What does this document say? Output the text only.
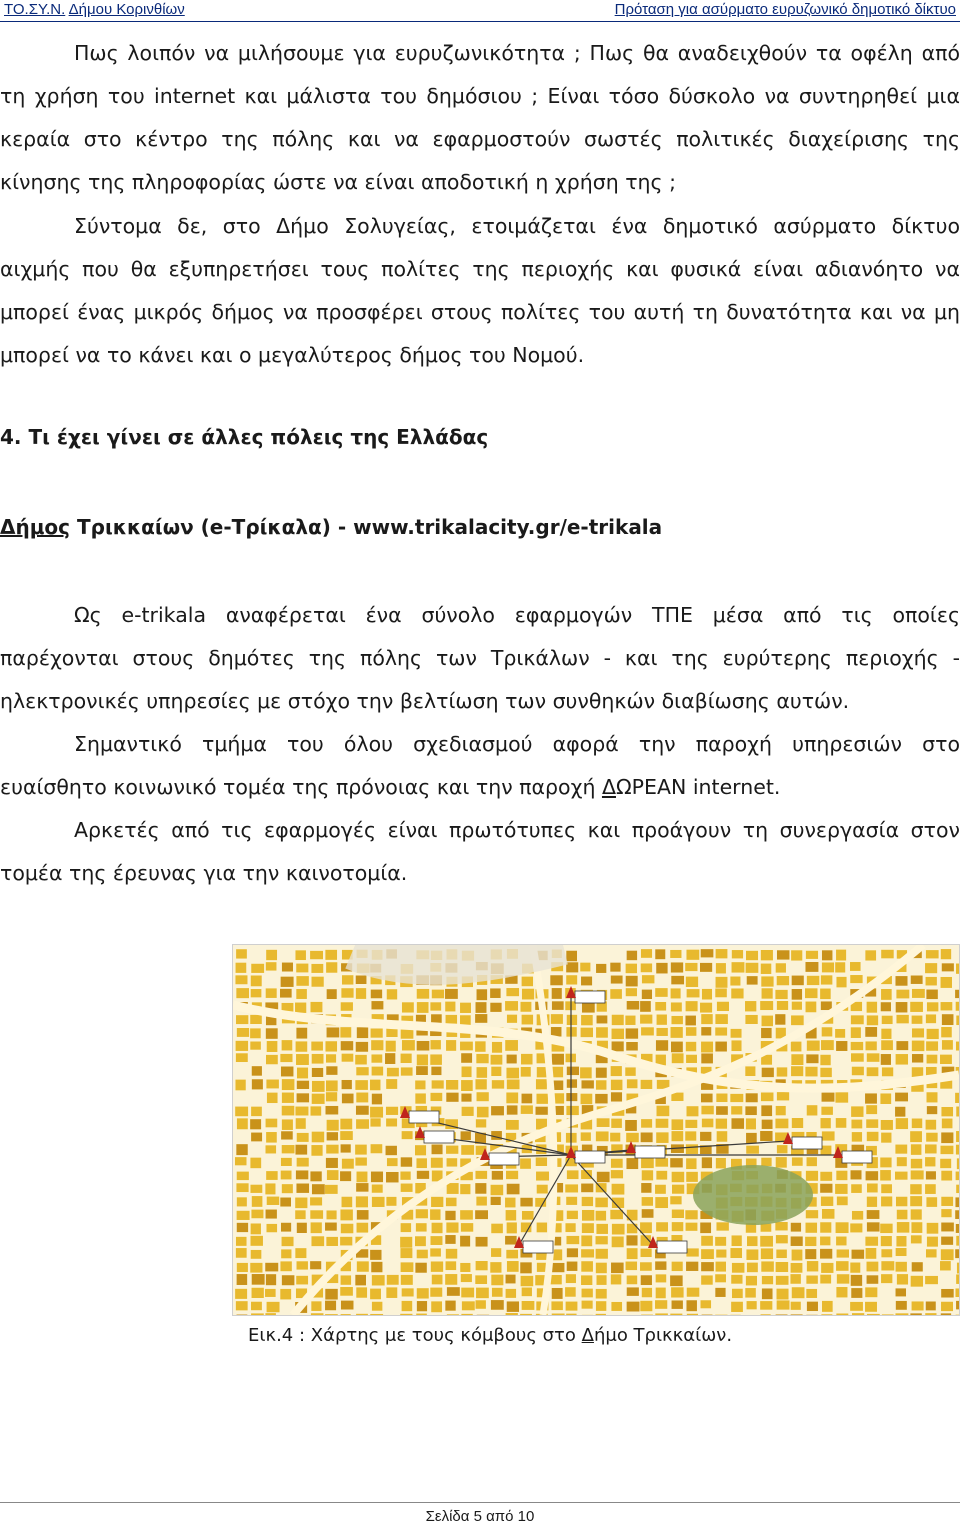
ΤΟ.ΣΥ.Ν. Δήμου Κορινθίων	Πρόταση για ασύρματο ευρυζωνικό δημοτικό δίκτυο

Πως λοιπόν να μιλήσουμε για ευρυζωνικότητα ; Πως θα αναδειχθούν τα οφέλη από

τη χρήση του internet και μάλιστα του δημόσιου ; Είναι τόσο δύσκολο να συντηρηθεί μια

κεραία στο κέντρο της πόλης και να εφαρμοστούν σωστές πολιτικές διαχείρισης της

κίνησης της πληροφορίας ώστε να είναι αποδοτική η χρήση της ;

Σύντομα δε, στο Δήμο Σολυγείας, ετοιμάζεται ένα δημοτικό ασύρματο δίκτυο

αιχμής που θα εξυπηρετήσει τους πολίτες της περιοχής και φυσικά είναι αδιανόητο να

μπορεί ένας μικρός δήμος να προσφέρει στους πολίτες του αυτή τη δυνατότητα και να μη

μπορεί να το κάνει και ο μεγαλύτερος δήμος του Νομού.

4. Τι έχει γίνει σε άλλες πόλεις της Ελλάδας
Δήμος Τρικκαίων (e-Τρίκαλα) - www.trikalacity.gr/e-trikala

Ως e-trikala αναφέρεται ένα σύνολο εφαρμογών ΤΠΕ μέσα από τις οποίες

παρέχονται στους δημότες της πόλης των Τρικάλων - και της ευρύτερης περιοχής -

ηλεκτρονικές υπηρεσίες με στόχο την βελτίωση των συνθηκών διαβίωσης αυτών.

Σημαντικό τμήμα του όλου σχεδιασμού αφορά την παροχή υπηρεσιών στο

ευαίσθητο κοινωνικό τομέα της πρόνοιας και την παροχή ΔΩΡΕΑΝ internet.

Αρκετές από τις εφαρμογές είναι πρωτότυπες και προάγουν τη συνεργασία στον

τομέα της έρευνας για την καινοτομία.

Εικ.4 : Χάρτης με τους κόμβους στο Δήμο Τρικκαίων.
Σελίδα 5 από 10
